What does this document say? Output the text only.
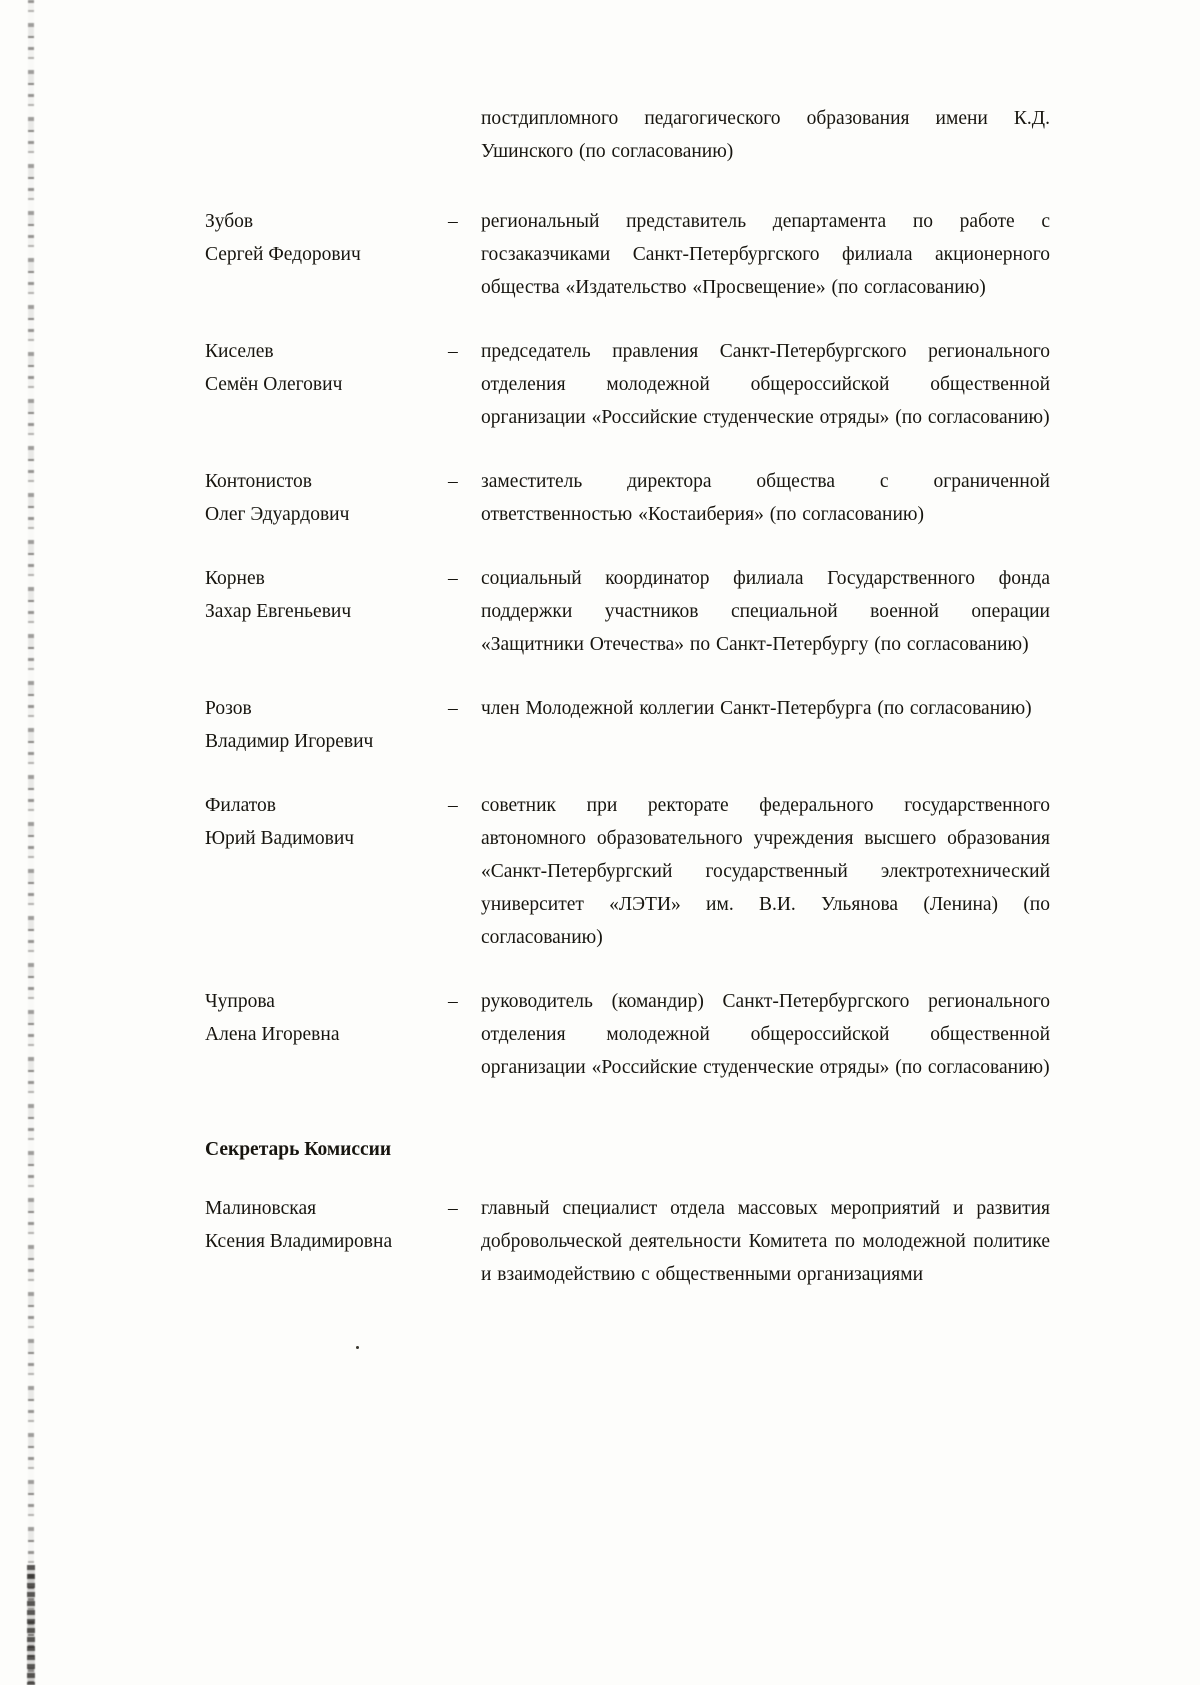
постдипломного педагогического образования имени К.Д. Ушинского (по согласованию)
Зубов
Сергей Федорович
–	региональный представитель департамента по работе с госзаказчиками Санкт-Петербургского филиала акционерного общества «Издательство «Просвещение» (по согласованию)
Киселев
Семён Олегович
–	председатель правления Санкт-Петербургского регионального отделения молодежной общероссийской общественной организации «Российские студенческие отряды» (по согласованию)
Контонистов
Олег Эдуардович
–	заместитель директора общества с ограниченной ответственностью «Костаиберия» (по согласованию)
Корнев
Захар Евгеньевич
–	социальный координатор филиала Государственного фонда поддержки участников специальной военной операции «Защитники Отечества» по Санкт-Петербургу (по согласованию)
Розов
Владимир Игоревич
–	член Молодежной коллегии Санкт-Петербурга (по согласованию)
Филатов
Юрий Вадимович
–	советник при ректорате федерального государственного автономного образовательного учреждения высшего образования «Санкт-Петербургский государственный электротехнический университет «ЛЭТИ» им. В.И. Ульянова (Ленина) (по согласованию)
Чупрова
Алена Игоревна
–	руководитель (командир) Санкт-Петербургского регионального отделения молодежной общероссийской общественной организации «Российские студенческие отряды» (по согласованию)
Секретарь Комиссии
Малиновская
Ксения Владимировна
–	главный специалист отдела массовых мероприятий и развития добровольческой деятельности Комитета по молодежной политике и взаимодействию с общественными организациями
